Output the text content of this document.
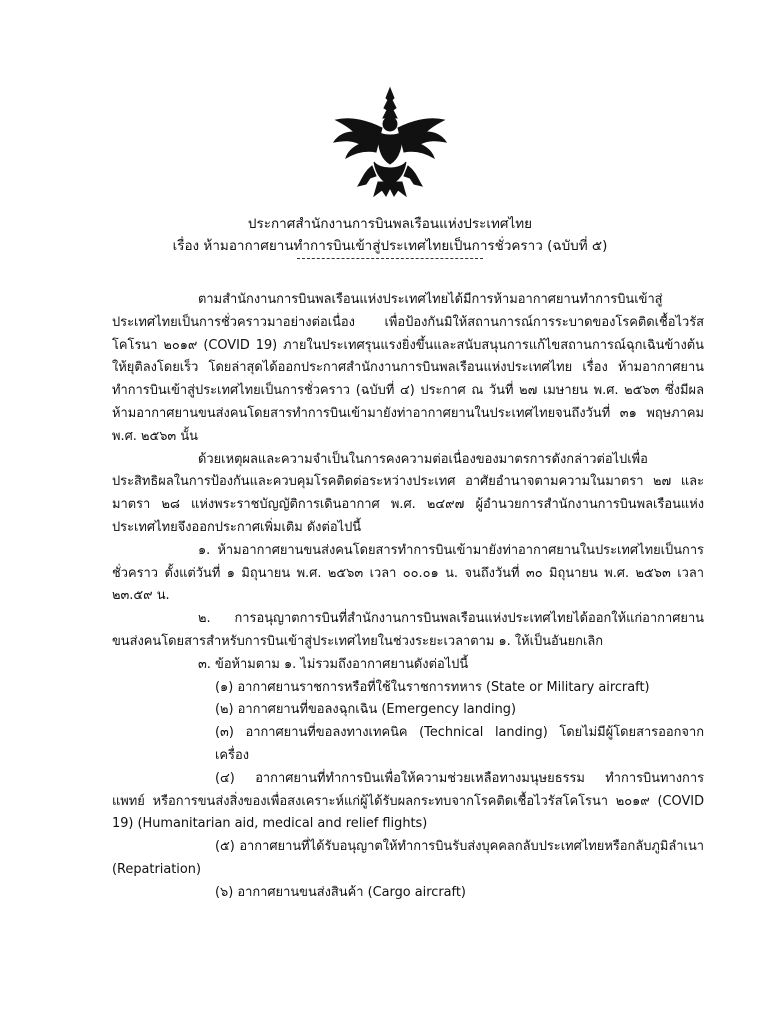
ประกาศสำนักงานการบินพลเรือนแห่งประเทศไทย
เรื่อง ห้ามอากาศยานทำการบินเข้าสู่ประเทศไทยเป็นการชั่วคราว (ฉบับที่ ๕)

ตามสำนักงานการบินพลเรือนแห่งประเทศไทยได้มีการห้ามอากาศยานทำการบินเข้าสู่ประเทศไทยเป็นการชั่วคราวมาอย่างต่อเนื่อง เพื่อป้องกันมิให้สถานการณ์การระบาดของโรคติดเชื้อไวรัสโคโรนา ๒๐๑๙ (COVID 19) ภายในประเทศรุนแรงยิ่งขึ้นและสนับสนุนการแก้ไขสถานการณ์ฉุกเฉินข้างต้นให้ยุติลงโดยเร็ว โดยล่าสุดได้ออกประกาศสำนักงานการบินพลเรือนแห่งประเทศไทย เรื่อง ห้ามอากาศยานทำการบินเข้าสู่ประเทศไทยเป็นการชั่วคราว (ฉบับที่ ๔) ประกาศ ณ วันที่ ๒๗ เมษายน พ.ศ. ๒๕๖๓ ซึ่งมีผลห้ามอากาศยานขนส่งคนโดยสารทำการบินเข้ามายังท่าอากาศยานในประเทศไทยจนถึงวันที่ ๓๑ พฤษภาคม พ.ศ. ๒๕๖๓ นั้น

ด้วยเหตุผลและความจำเป็นในการคงความต่อเนื่องของมาตรการดังกล่าวต่อไปเพื่อประสิทธิผลในการป้องกันและควบคุมโรคติดต่อระหว่างประเทศ อาศัยอำนาจตามความในมาตรา ๒๗ และมาตรา ๒๘ แห่งพระราชบัญญัติการเดินอากาศ พ.ศ. ๒๔๙๗ ผู้อำนวยการสำนักงานการบินพลเรือนแห่งประเทศไทยจึงออกประกาศเพิ่มเติม ดังต่อไปนี้

๑. ห้ามอากาศยานขนส่งคนโดยสารทำการบินเข้ามายังท่าอากาศยานในประเทศไทยเป็นการชั่วคราว ตั้งแต่วันที่ ๑ มิถุนายน พ.ศ. ๒๕๖๓ เวลา ๐๐.๐๑ น. จนถึงวันที่ ๓๐ มิถุนายน พ.ศ. ๒๕๖๓ เวลา ๒๓.๕๙ น.

๒. การอนุญาตการบินที่สำนักงานการบินพลเรือนแห่งประเทศไทยได้ออกให้แก่อากาศยานขนส่งคนโดยสารสำหรับการบินเข้าสู่ประเทศไทยในช่วงระยะเวลาตาม ๑. ให้เป็นอันยกเลิก

๓. ข้อห้ามตาม ๑. ไม่รวมถึงอากาศยานดังต่อไปนี้

(๑) อากาศยานราชการหรือที่ใช้ในราชการทหาร (State or Military aircraft)

(๒) อากาศยานที่ขอลงฉุกเฉิน (Emergency landing)

(๓) อากาศยานที่ขอลงทางเทคนิค (Technical landing) โดยไม่มีผู้โดยสารออกจากเครื่อง

(๔) อากาศยานที่ทำการบินเพื่อให้ความช่วยเหลือทางมนุษยธรรม ทำการบินทางการแพทย์ หรือการขนส่งสิ่งของเพื่อสงเคราะห์แก่ผู้ได้รับผลกระทบจากโรคติดเชื้อไวรัสโคโรนา ๒๐๑๙ (COVID 19) (Humanitarian aid, medical and relief flights)

(๕) อากาศยานที่ได้รับอนุญาตให้ทำการบินรับส่งบุคคลกลับประเทศไทยหรือกลับภูมิลำเนา (Repatriation)

(๖) อากาศยานขนส่งสินค้า (Cargo aircraft)
